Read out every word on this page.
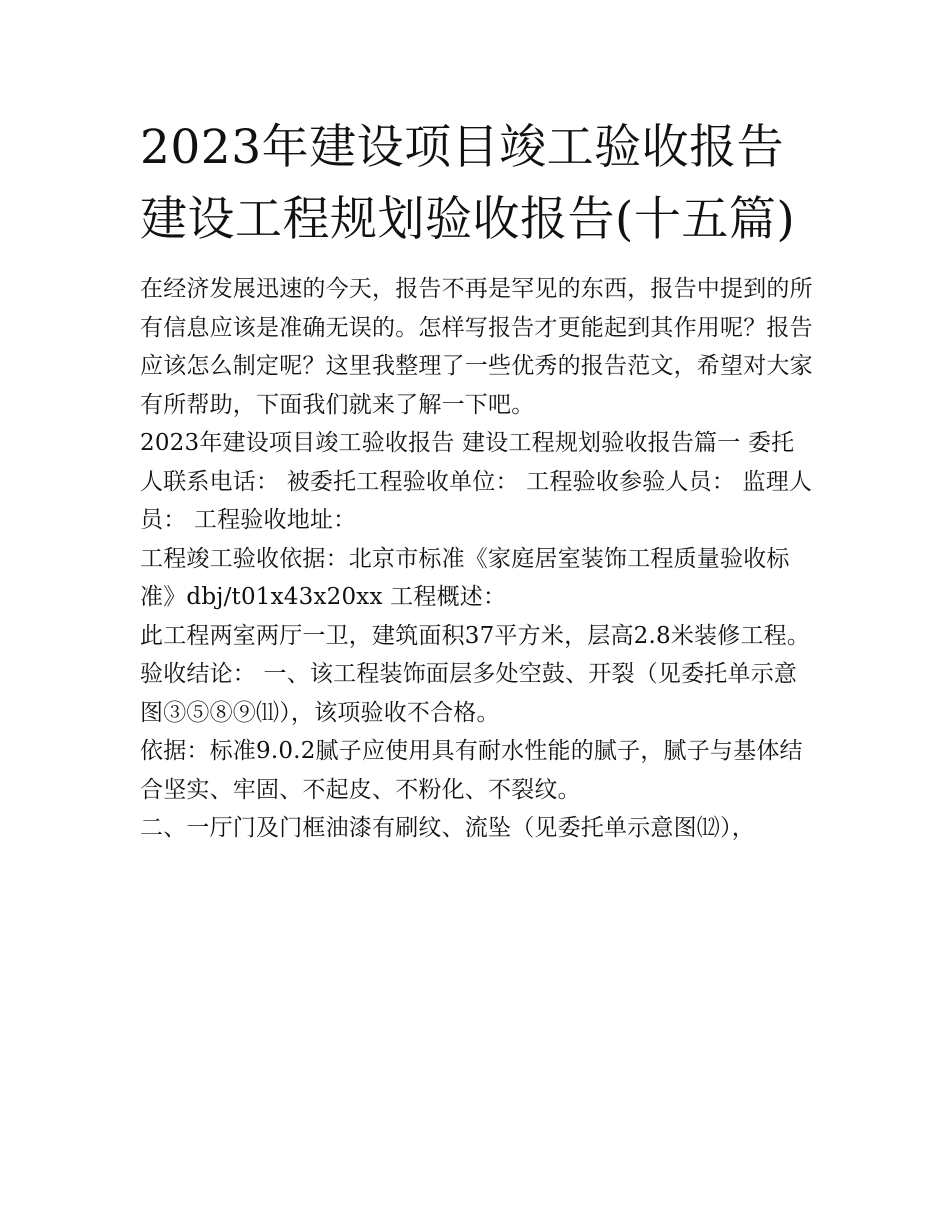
2023年建设项目竣工验收报告 建设工程规划验收报告(十五篇)

在经济发展迅速的今天，报告不再是罕见的东西，报告中提到的所有信息应该是准确无误的。怎样写报告才更能起到其作用呢？报告应该怎么制定呢？这里我整理了一些优秀的报告范文，希望对大家有所帮助，下面我们就来了解一下吧。

2023年建设项目竣工验收报告 建设工程规划验收报告篇一 委托人联系电话： 被委托工程验收单位： 工程验收参验人员： 监理人员： 工程验收地址：

工程竣工验收依据：北京市标准《家庭居室装饰工程质量验收标准》dbj/t01x43x20xx 工程概述：

此工程两室两厅一卫，建筑面积37平方米，层高2.8米装修工程。 验收结论： 一、该工程装饰面层多处空鼓、开裂（见委托单示意图③⑤⑧⑨⑾），该项验收不合格。

依据：标准9.0.2腻子应使用具有耐水性能的腻子，腻子与基体结合坚实、牢固、不起皮、不粉化、不裂纹。

二、一厅门及门框油漆有刷纹、流坠（见委托单示意图⑿），
